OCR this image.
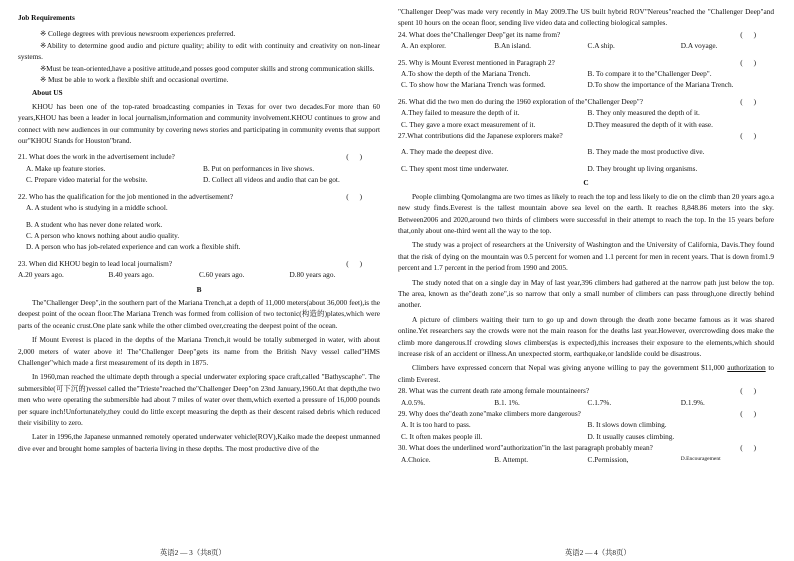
Job Requirements

※ College degrees with previous newsroom experiences preferred.

※Ability to determine good audio and picture quality; ability to edit with continuity and creativity on non-linear systems.

※Must be tean-oriented,have a positive attitude,and posses good computer skills and strong communication skills.

※ Must be able to work a flexible shift and occasional overtime.

About US

KHOU has been one of the top-rated broadcasting companies in Texas for over two decades.For more than 60 years,KHOU has been a leader in local journalism,information and community involvement.KHOU continues to grow and connect with new audiences in our community by covering news stories and participating in community events that support our"KHOU Stands for Houston"brand.

21. What does the work in the advertisement include?	(      )
A. Make up feature stories.	B. Put on performances in live shows.
C. Prepare video material for the website.	D. Collect all videos and audio that can be got.
22. Who has the qualification for the job mentioned in the advertisement?	(      )

A. A student who is studying in a middle school.

B. A student who has never done related work.

C. A person who knows nothing about audio quality.

D. A person who has job-related experience and can work a flexible shift.

23. When did KHOU begin to lead local journalism?	(      )
A.20 years ago.	B.40 years ago.	C.60 years ago.	D.80 years ago.

B

The"Challenger Deep",in the southern part of the Mariana Trench,at a depth of 11,000 meters(about 36,000 feet),is the deepest point of the ocean floor.The Mariana Trench was formed from collision of two tectonic(构造的)plates,which were parts of the oceanic crust.One plate sank while the other climbed over,creating the deepest point of the ocean.

If Mount Everest is placed in the depths of the Mariana Trench,it would be totally submerged in water, with about 2,000 meters of water above it! The"Challenger Deep"gets its name from the British Navy vessel called"HMS Challenger"which made a first measurement of its depth in 1875.

In 1960,man reached the ultimate depth through a special underwater exploring space craft,called "Bathyscaphe". The submersible(可下沉的)vessel called the"Trieste"reached the"Challenger Deep"on 23nd January,1960.At that depth,the two men who were operating the submersible had about 7 miles of water over them,which exerted a pressure of 16,000 pounds per square inch!Unfortunately,they could do little except measuring the depth as their descent raised debris which reduced their visibility to zero.

Later in 1996,the Japanese unmanned remotely operated underwater vehicle(ROV),Kaiko made the deepest unmanned dive ever and brought home samples of bacteria living in these depths. The most productive dive of the

"Challenger Deep"was made very recently in May 2009.The US built hybrid ROV"Nereus"reached the "Challenger Deep"and spent 10 hours on the ocean floor, sending live video data and collecting biological samples.

24. What does the"Challenger Deep"get its name from?	(      )
A. An explorer.	B.An island.	C.A ship.	D.A voyage.
25. Why is Mount Everest mentioned in Paragraph 2?	(      )
A.To show the depth of the Mariana Trench.	B. To compare it to the"Challenger Deep".
C. To show how the Mariana Trench was formed.	D.To show the importance of the Mariana Trench.
26. What did the two men do during the 1960 exploration of the"Challenger Deep"?	(      )
A.They failed to measure the depth of it.	B. They only measured the depth of it.
C. They gave a more exact measurement of it.	D.They measured the depth of it with ease.
27.What contributions did the Japanese explorers make?	(      )
A. They made the deepest dive.	B. They made the most productive dive.
C. They spent most time underwater.	D. They brought up living organisms.

C

People climbing Qomolangma are two times as likely to reach the top and less likely to die on the climb than 20 years ago.a new study finds.Everest is the tallest mountain above sea level on the earth. It reaches 8,848.86 meters into the sky. Between2006 and 2020,around two thirds of climbers were successful in their attempt to reach the top. In the 15 years before that,only about one-third went all the way to the top.

The study was a project of researchers at the University of Washington and the University of California, Davis.They found that the risk of dying on the mountain was 0.5 percent for women and 1.1 percent for men in recent years. That is down from1.9 percent and 1.7 percent in the period from 1990 and 2005.

The study noted that on a single day in May of last year,396 climbers had gathered at the narrow path just below the top. The area, known as the"death zone",is so narrow that only a small number of climbers can pass through,one directly behind another.

A picture of climbers waiting their turn to go up and down through the death zone became famous as it was shared online.Yet researchers say the crowds were not the main reason for the deaths last year.However, overcrowding does make the climb more dangerous.If crowding slows climbers(as is expected),this increases their exposure to the elements,which should increase risk of an accident or illness.An unexpected storm, earthquake,or landslide could be disastrous.

Climbers have expressed concern that Nepal was giving anyone willing to pay the government $11,000 authorization to climb Everest.

28. What was the current death rate among female mountaineers?	(      )
A.0.5%.	B.1. 1%.	C.1.7%.	D.1.9%.
29. Why does the"death zone"make climbers more dangerous?	(      )
A. It is too hard to pass.	B. It slows down climbing.
C. It often makes people ill.	D. It usually causes climbing.
30. What does the underlined word"authorization"in the last paragraph probably mean?	(      )
A.Choice.	B. Attempt.	C.Permission,	D.Encouragement
英语2 — 3（共8页）	英语2 — 4（共8页）
